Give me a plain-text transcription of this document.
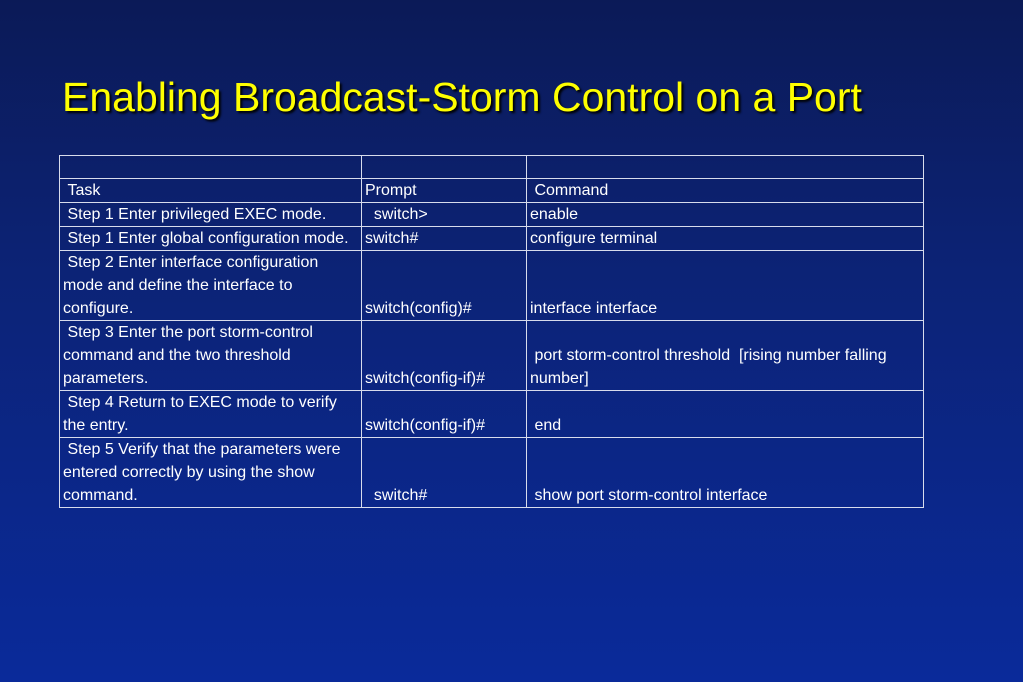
Enabling Broadcast-Storm Control on a Port

Task	Prompt	Command
Step 1 Enter privileged EXEC mode.	switch>	enable
Step 1 Enter global configuration mode.	switch#	configure terminal
Step 2 Enter interface configuration mode and define the interface to configure.	switch(config)#	interface interface
Step 3 Enter the port storm-control command and the two threshold parameters.	switch(config-if)#	port storm-control threshold  [rising number falling number]
Step 4 Return to EXEC mode to verify the entry.	switch(config-if)#	end
Step 5 Verify that the parameters were entered correctly by using the show command.	switch#	show port storm-control interface
